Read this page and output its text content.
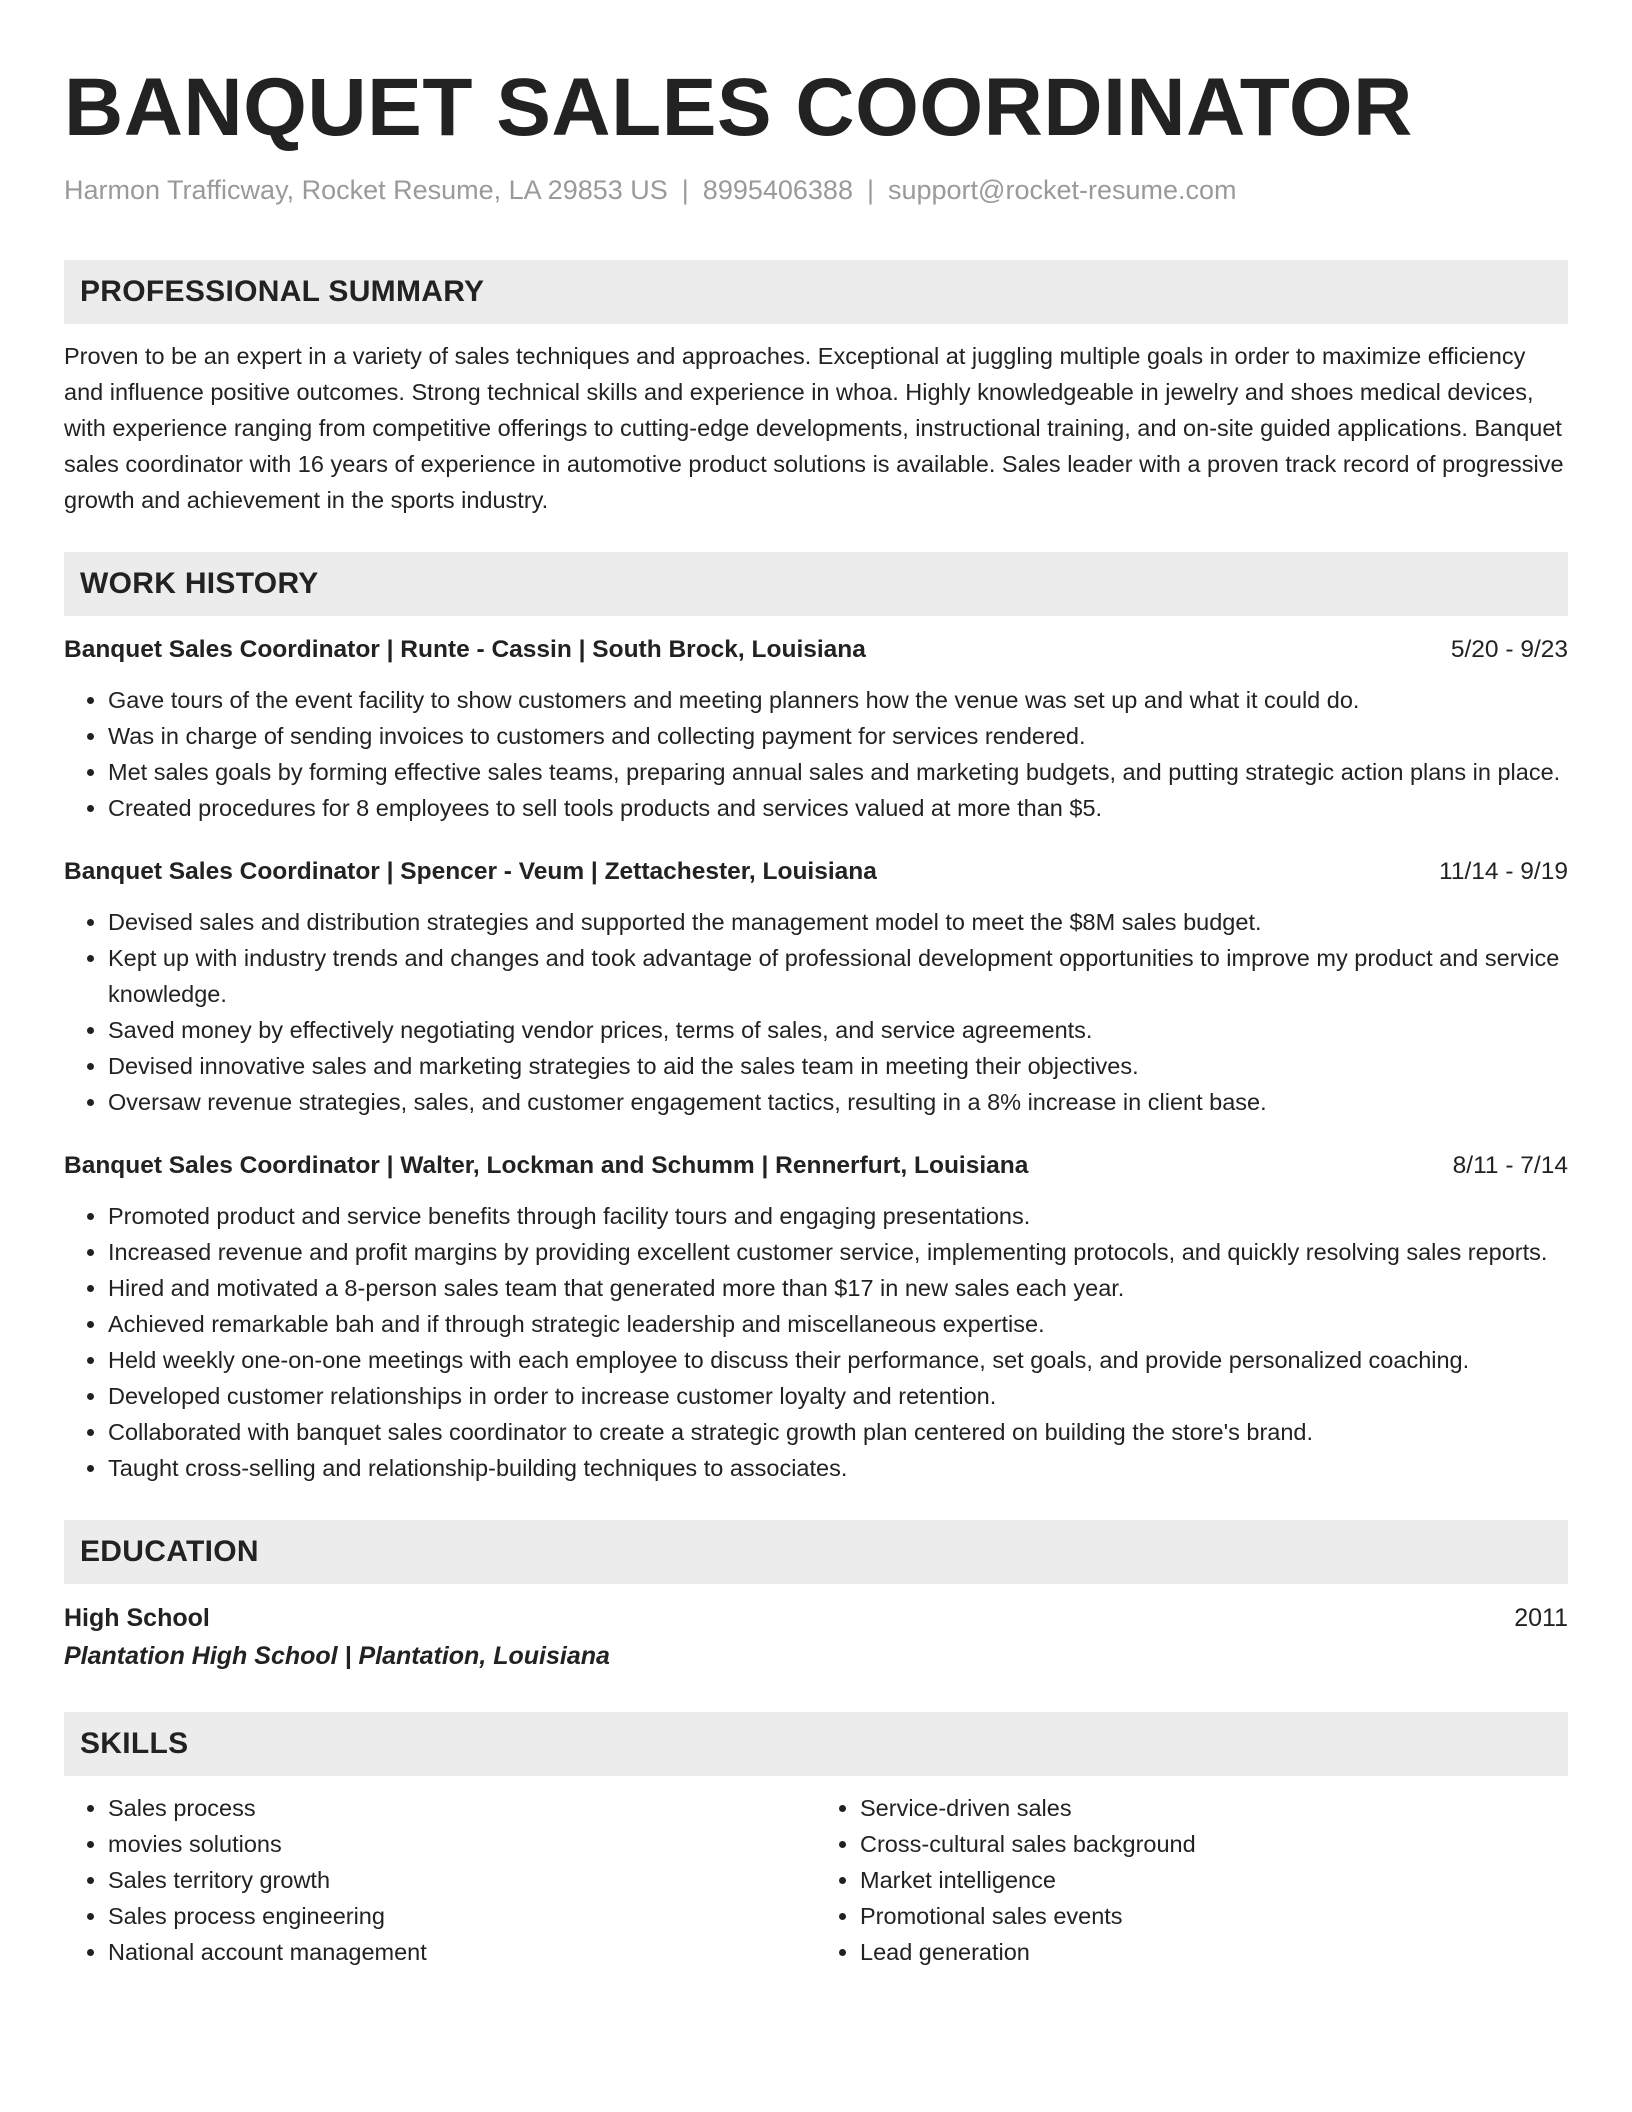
BANQUET SALES COORDINATOR
Harmon Trafficway, Rocket Resume, LA 29853 US | 8995406388 | support@rocket-resume.com
PROFESSIONAL SUMMARY
Proven to be an expert in a variety of sales techniques and approaches. Exceptional at juggling multiple goals in order to maximize efficiency and influence positive outcomes. Strong technical skills and experience in whoa. Highly knowledgeable in jewelry and shoes medical devices, with experience ranging from competitive offerings to cutting-edge developments, instructional training, and on-site guided applications. Banquet sales coordinator with 16 years of experience in automotive product solutions is available. Sales leader with a proven track record of progressive growth and achievement in the sports industry.
WORK HISTORY
Banquet Sales Coordinator | Runte - Cassin | South Brock, Louisiana	5/20 - 9/23
• Gave tours of the event facility to show customers and meeting planners how the venue was set up and what it could do.
• Was in charge of sending invoices to customers and collecting payment for services rendered.
• Met sales goals by forming effective sales teams, preparing annual sales and marketing budgets, and putting strategic action plans in place.
• Created procedures for 8 employees to sell tools products and services valued at more than $5.
Banquet Sales Coordinator | Spencer - Veum | Zettachester, Louisiana	11/14 - 9/19
• Devised sales and distribution strategies and supported the management model to meet the $8M sales budget.
• Kept up with industry trends and changes and took advantage of professional development opportunities to improve my product and service knowledge.
• Saved money by effectively negotiating vendor prices, terms of sales, and service agreements.
• Devised innovative sales and marketing strategies to aid the sales team in meeting their objectives.
• Oversaw revenue strategies, sales, and customer engagement tactics, resulting in a 8% increase in client base.
Banquet Sales Coordinator | Walter, Lockman and Schumm | Rennerfurt, Louisiana	8/11 - 7/14
• Promoted product and service benefits through facility tours and engaging presentations.
• Increased revenue and profit margins by providing excellent customer service, implementing protocols, and quickly resolving sales reports.
• Hired and motivated a 8-person sales team that generated more than $17 in new sales each year.
• Achieved remarkable bah and if through strategic leadership and miscellaneous expertise.
• Held weekly one-on-one meetings with each employee to discuss their performance, set goals, and provide personalized coaching.
• Developed customer relationships in order to increase customer loyalty and retention.
• Collaborated with banquet sales coordinator to create a strategic growth plan centered on building the store's brand.
• Taught cross-selling and relationship-building techniques to associates.
EDUCATION
High School	2011
Plantation High School | Plantation, Louisiana
SKILLS
• Sales process
• movies solutions
• Sales territory growth
• Sales process engineering
• National account management
• Service-driven sales
• Cross-cultural sales background
• Market intelligence
• Promotional sales events
• Lead generation
